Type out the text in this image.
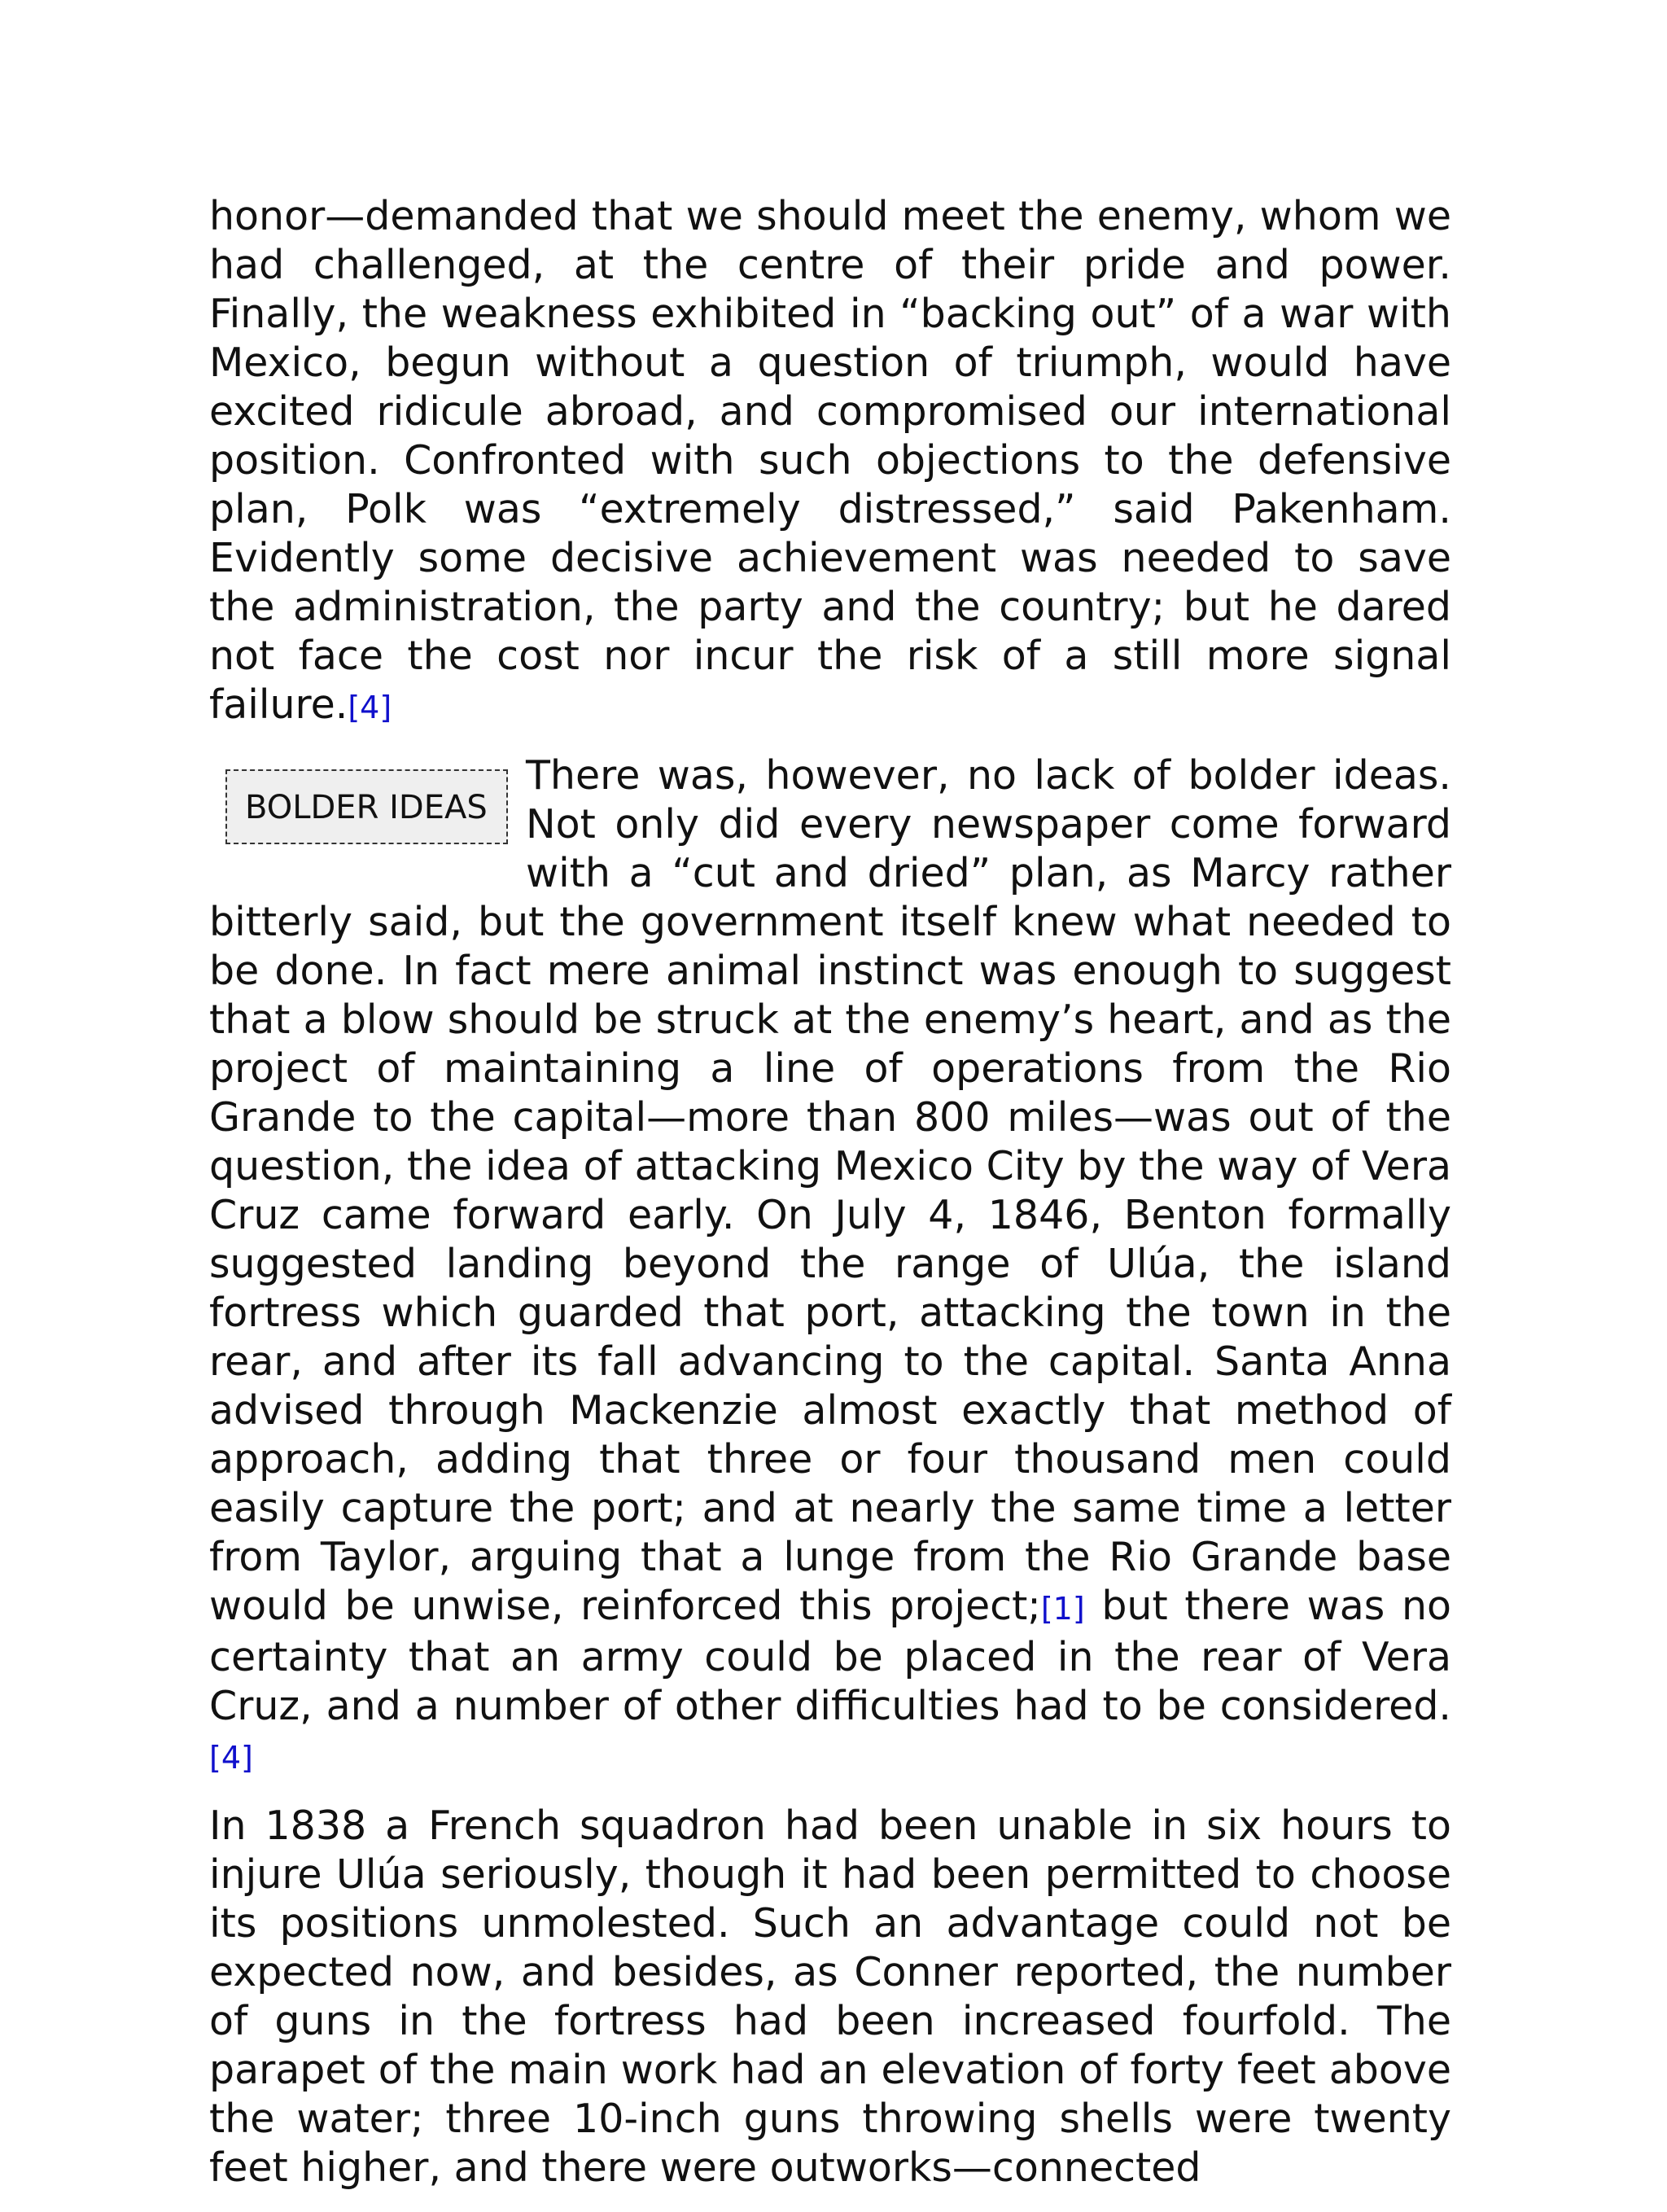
honor—demanded that we should meet the enemy, whom we had challenged, at the centre of their pride and power. Finally, the weakness exhibited in “backing out” of a war with Mexico, begun without a question of triumph, would have excited ridicule abroad, and compromised our international position. Confronted with such objections to the defensive plan, Polk was “extremely distressed,” said Pakenham. Evidently some decisive achievement was needed to save the administration, the party and the country; but he dared not face the cost nor incur the risk of a still more signal failure.[4]

BOLDER IDEAS

There was, however, no lack of bolder ideas. Not only did every newspaper come forward with a “cut and dried” plan, as Marcy rather bitterly said, but the government itself knew what needed to be done. In fact mere animal instinct was enough to suggest that a blow should be struck at the enemy’s heart, and as the project of maintaining a line of operations from the Rio Grande to the capital—more than 800 miles—was out of the question, the idea of attacking Mexico City by the way of Vera Cruz came forward early. On July 4, 1846, Benton formally suggested landing beyond the range of Ulúa, the island fortress which guarded that port, attacking the town in the rear, and after its fall advancing to the capital. Santa Anna advised through Mackenzie almost exactly that method of approach, adding that three or four thousand men could easily capture the port; and at nearly the same time a letter from Taylor, arguing that a lunge from the Rio Grande base would be unwise, reinforced this project;[1] but there was no certainty that an army could be placed in the rear of Vera Cruz, and a number of other difficulties had to be considered. [4]

In 1838 a French squadron had been unable in six hours to injure Ulúa seriously, though it had been permitted to choose its positions unmolested. Such an advantage could not be expected now, and besides, as Conner reported, the number of guns in the fortress had been increased fourfold. The parapet of the main work had an elevation of forty feet above the water; three 10-inch guns throwing shells were twenty feet higher, and there were outworks—connected
